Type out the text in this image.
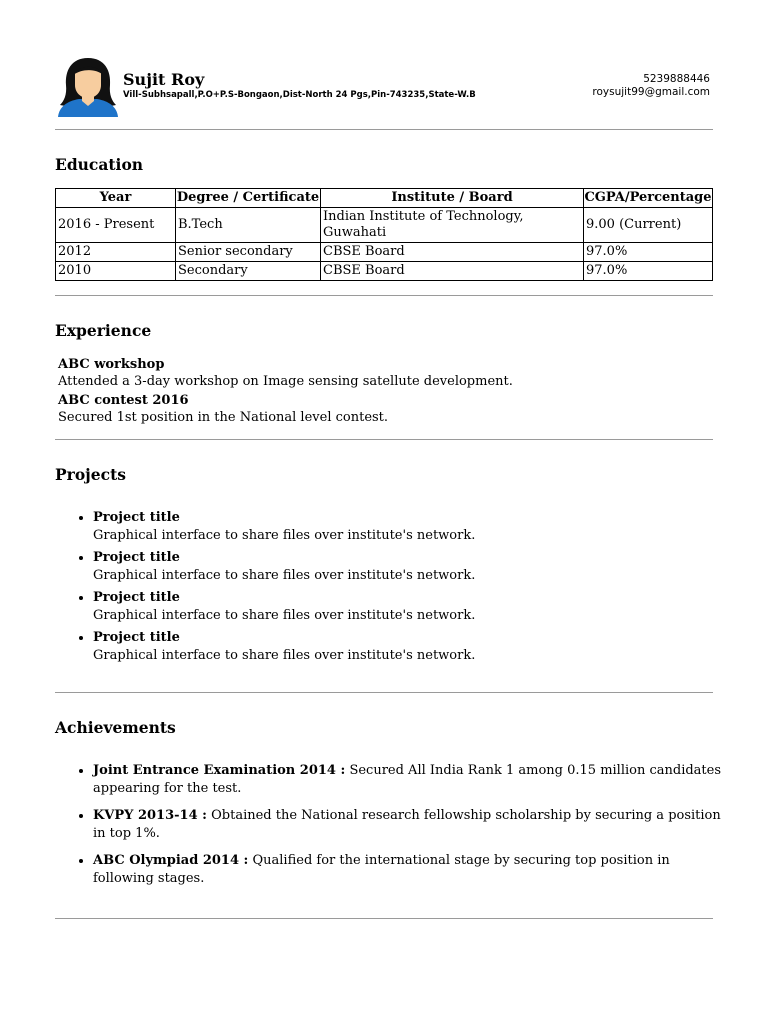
Sujit Roy
Vill-Subhsapall,P.O+P.S-Bongaon,Dist-North 24 Pgs,Pin-743235,State-W.B
5239888446
roysujit99@gmail.com
Education
Year	Degree / Certificate	Institute / Board	CGPA/Percentage
2016 - Present	B.Tech	Indian Institute of Technology, Guwahati	9.00 (Current)
2012	Senior secondary	CBSE Board	97.0%
2010	Secondary	CBSE Board	97.0%
Experience
ABC workshop
Attended a 3-day workshop on Image sensing satellute development.
ABC contest 2016
Secured 1st position in the National level contest.
Projects
• Project title
Graphical interface to share files over institute's network.
• Project title
Graphical interface to share files over institute's network.
• Project title
Graphical interface to share files over institute's network.
• Project title
Graphical interface to share files over institute's network.
Achievements
• Joint Entrance Examination 2014 : Secured All India Rank 1 among 0.15 million candidates appearing for the test.
• KVPY 2013-14 : Obtained the National research fellowship scholarship by securing a position in top 1%.
• ABC Olympiad 2014 : Qualified for the international stage by securing top position in following stages.
